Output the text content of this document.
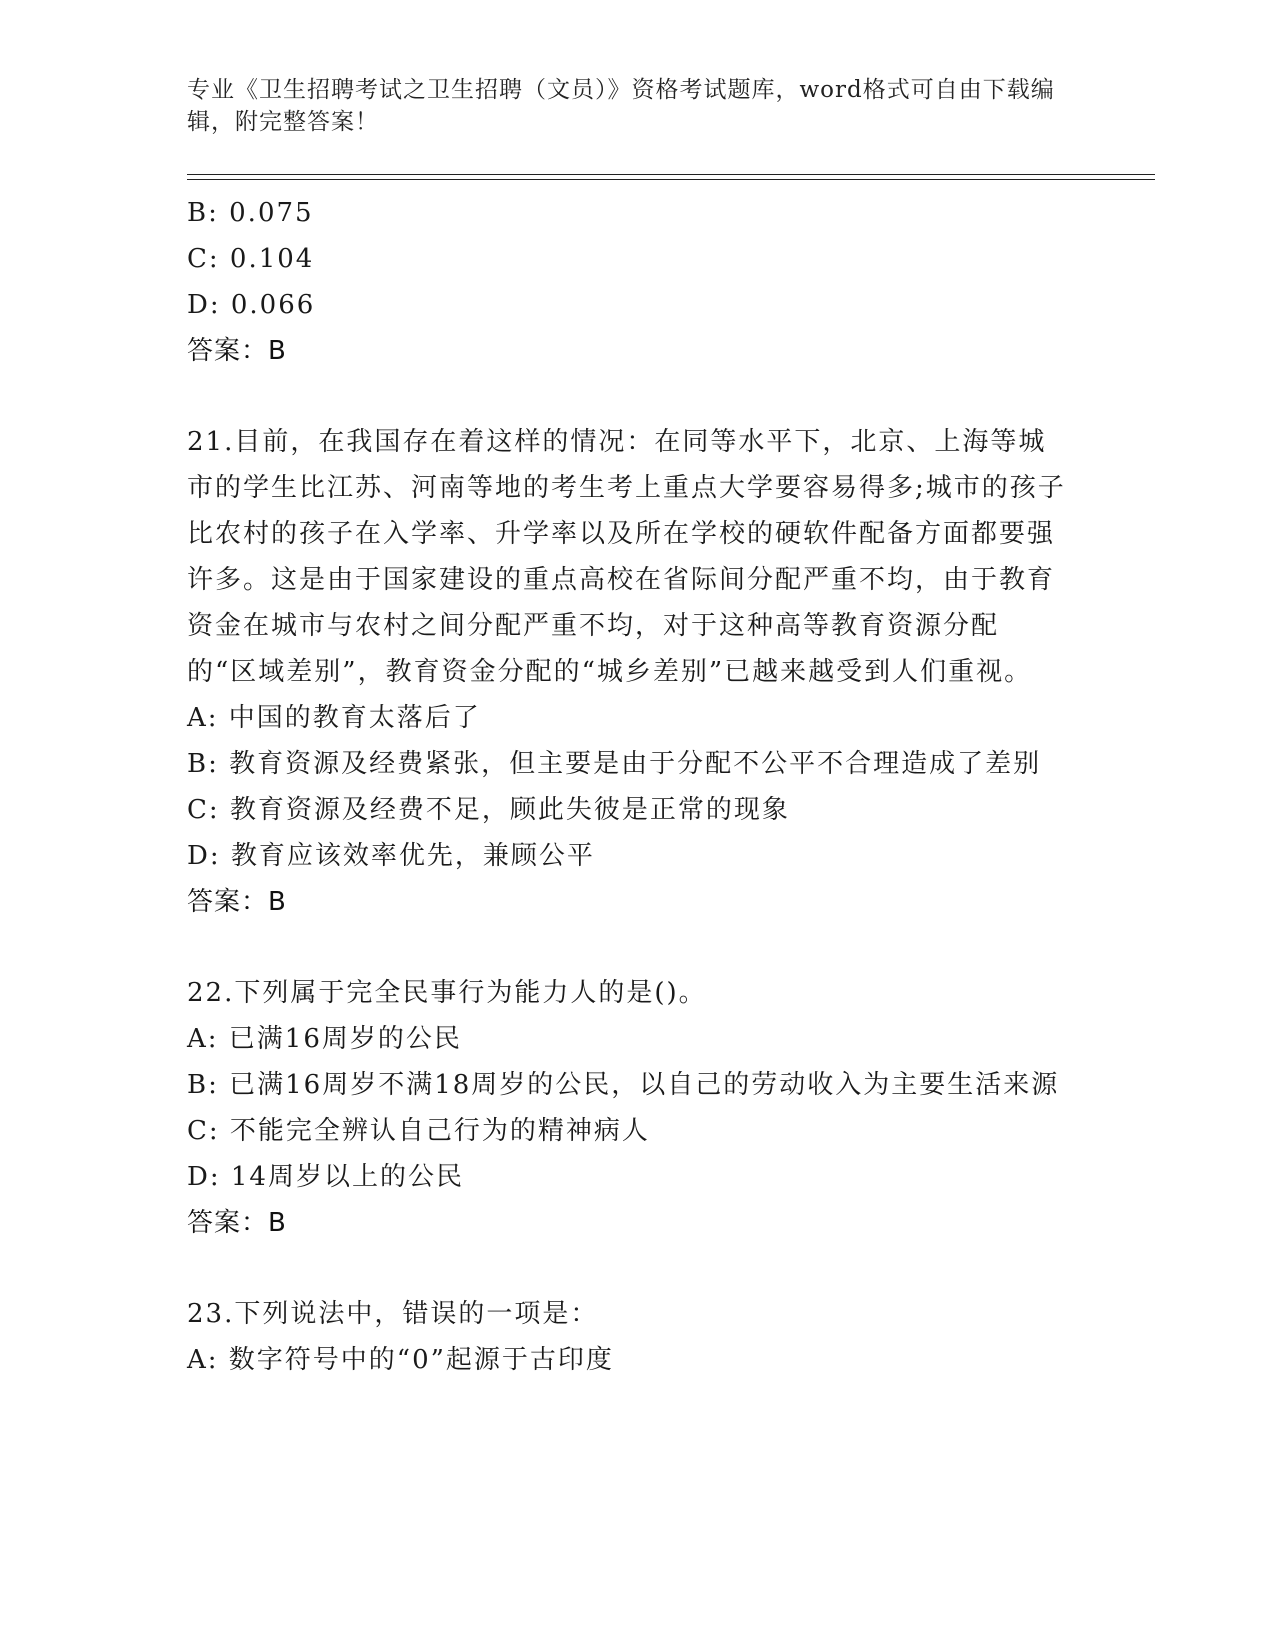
专业《卫生招聘考试之卫生招聘（文员）》资格考试题库，word格式可自由下载编辑，附完整答案！
B: 0.075
C: 0.104
D: 0.066
答案：B
21.目前，在我国存在着这样的情况：在同等水平下，北京、上海等城市的学生比江苏、河南等地的考生考上重点大学要容易得多;城市的孩子比农村的孩子在入学率、升学率以及所在学校的硬软件配备方面都要强许多。这是由于国家建设的重点高校在省际间分配严重不均，由于教育资金在城市与农村之间分配严重不均，对于这种高等教育资源分配的“区域差别”，教育资金分配的“城乡差别”已越来越受到人们重视。
A: 中国的教育太落后了
B: 教育资源及经费紧张，但主要是由于分配不公平不合理造成了差别
C: 教育资源及经费不足，顾此失彼是正常的现象
D: 教育应该效率优先，兼顾公平
答案：B
22.下列属于完全民事行为能力人的是()。
A: 已满16周岁的公民
B: 已满16周岁不满18周岁的公民，以自己的劳动收入为主要生活来源
C: 不能完全辨认自己行为的精神病人
D: 14周岁以上的公民
答案：B
23.下列说法中，错误的一项是：
A: 数字符号中的“0”起源于古印度
